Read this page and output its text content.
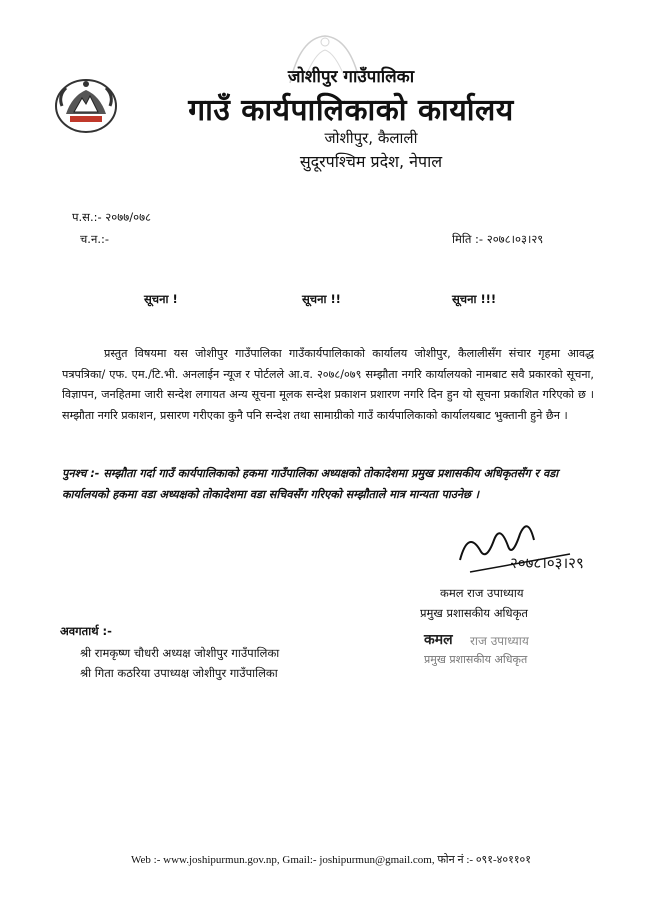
जोशीपुर गाउँपालिका
गाउँ कार्यपालिकाको कार्यालय
जोशीपुर, कैलाली
सुदूरपश्चिम प्रदेश, नेपाल
प.स.:- २०७७/०७८
च.न.:-	मिति :- २०७८।०३।२९
सूचना !	सूचना !!	सूचना !!!
प्रस्तुत विषयमा यस जोशीपुर गाउँपालिका गाउँकार्यपालिकाको कार्यालय जोशीपुर, कैलालीसँग संचार गृहमा आवद्ध पत्रपत्रिका/ एफ. एम./टि.भी. अनलाईन न्यूज र पोर्टलले आ.व. २०७८/०७९ सम्झौता नगरि कार्यालयको नामबाट सवै प्रकारको सूचना, विज्ञापन, जनहितमा जारी सन्देश लगायत अन्य सूचना मूलक सन्देश प्रकाशन प्रशारण नगरि दिन हुन यो सूचना प्रकाशित गरिएको छ । सम्झौता नगरि प्रकाशन, प्रसारण गरीएका कुनै पनि सन्देश तथा सामाग्रीको गाउँ कार्यपालिकाको कार्यालयबाट भुक्तानी हुने छैन ।
पुनश्च :- सम्झौता गर्दा गाउँ कार्यपालिकाको हकमा गाउँपालिका अध्यक्षको तोकादेशमा प्रमुख प्रशासकीय अधिकृतसँग र वडा कार्यालयको हकमा वडा अध्यक्षको तोकादेशमा वडा सचिवसँग गरिएको सम्झौताले मात्र मान्यता पाउनेछ ।
२०७८।०३।२९
कमल राज उपाध्याय
प्रमुख प्रशासकीय अधिकृत
कमल राज उपाध्याय
प्रमुख प्रशासकीय अधिकृत
अवगतार्थ :-
श्री रामकृष्ण चौधरी अध्यक्ष जोशीपुर गाउँपालिका
श्री गिता कठरिया उपाध्यक्ष जोशीपुर गाउँपालिका
Web :- www.joshipurmun.gov.np, Gmail:- joshipurmun@gmail.com, फोन नं :- ०९१-४०११०१
